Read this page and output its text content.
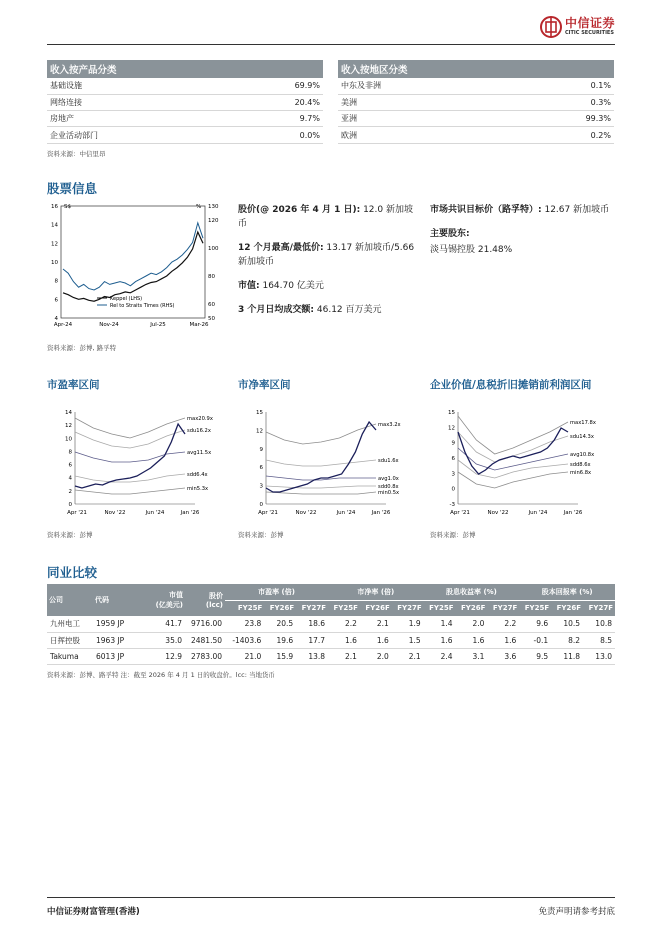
中信证券
CITIC SECURITIES
收入按产品分类	
基础设施	69.9%
网络连接	20.4%
房地产	9.7%
企业活动部门	0.0%
收入按地区分类	
中东及非洲	0.1%
美洲	0.3%
亚洲	99.3%
欧洲	0.2%
资料来源：中信里昂
股票信息
16
14
12
10
8
6
4
130
120
100
80
60
50
S$	%
Apr-24	Nov-24	Jul-25	Mar-26
Keppel (LHS)
Rel to Straits Times (RHS)

股价(@ 2026 年 4 月 1 日): 12.0 新加坡币

12 个月最高/最低价: 13.17 新加坡币/5.66 新加坡币

市值: 164.70 亿美元

3 个月日均成交额: 46.12 百万美元

市场共识目标价（路孚特）: 12.67 新加坡币

主要股东:

淡马锡控股 21.48%

资料来源：彭博, 路孚特
市盈率区间	市净率区间	企业价值/息税折旧摊销前利润区间
14
12
10
8
6
4
2
0
Apr '21	Nov '22	Jun '24	Jan '26
max20.9x
sdu16.2x
avg11.5x
sdd6.4x
min5.3x
15
12
9
6
3
0
Apr '21	Nov '22	Jun '24	Jan '26
max3.2x
sdu1.6x
avg1.0x
sdd0.8x
min0.5x
15
12
9
6
3
0
-3
Apr '21	Nov '22	Jun '24	Jan '26
max17.8x
sdu14.3x
avg10.8x
sdd8.6x
min6.8x
资料来源：彭博	资料来源：彭博	资料来源：彭博
同业比较
公司	代码	市值
(亿美元)	股价
(lcc)	市盈率 (倍)			市净率 (倍)			股息收益率 (%)			股本回报率 (%)		
				FY25F	FY26F	FY27F	FY25F	FY26F	FY27F	FY25F	FY26F	FY27F	FY25F	FY26F	FY27F
九州电工	1959 JP	41.7	9716.00	23.8	20.5	18.6	2.2	2.1	1.9	1.4	2.0	2.2	9.6	10.5	10.8
日挥控股	1963 JP	35.0	2481.50	-1403.6	19.6	17.7	1.6	1.6	1.5	1.6	1.6	1.6	-0.1	8.2	8.5
Takuma	6013 JP	12.9	2783.00	21.0	15.9	13.8	2.1	2.0	2.1	2.4	3.1	3.6	9.5	11.8	13.0
资料来源：彭博、路孚特 注：截至 2026 年 4 月 1 日的收盘价。lcc: 当地货币
中信证券财富管理(香港)	免责声明请参考封底
